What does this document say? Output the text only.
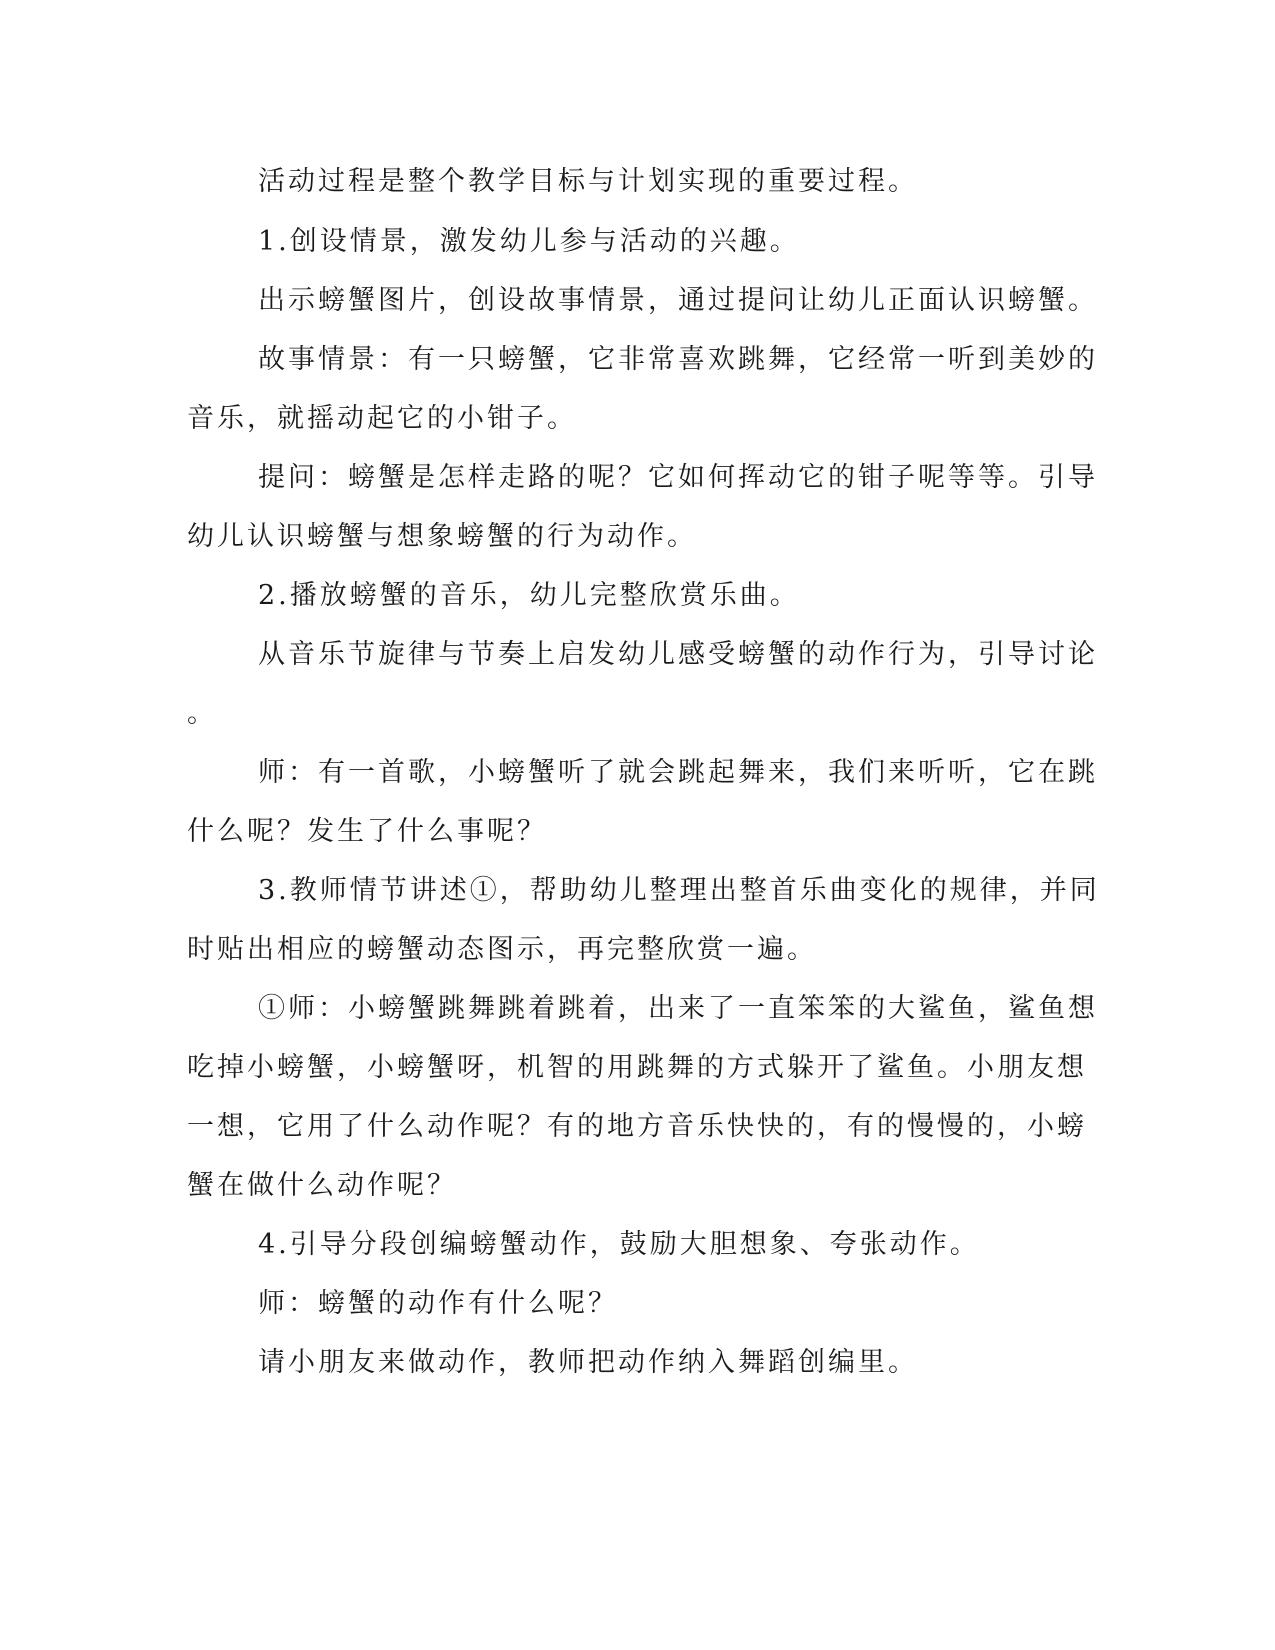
活动过程是整个教学目标与计划实现的重要过程。
1.创设情景，激发幼儿参与活动的兴趣。
出示螃蟹图片，创设故事情景，通过提问让幼儿正面认识螃蟹。
故事情景：有一只螃蟹，它非常喜欢跳舞，它经常一听到美妙的
音乐，就摇动起它的小钳子。
提问：螃蟹是怎样走路的呢？它如何挥动它的钳子呢等等。引导
幼儿认识螃蟹与想象螃蟹的行为动作。
2.播放螃蟹的音乐，幼儿完整欣赏乐曲。
从音乐节旋律与节奏上启发幼儿感受螃蟹的动作行为，引导讨论
。
师：有一首歌，小螃蟹听了就会跳起舞来，我们来听听，它在跳
什么呢？发生了什么事呢？
3.教师情节讲述①，帮助幼儿整理出整首乐曲变化的规律，并同
时贴出相应的螃蟹动态图示，再完整欣赏一遍。
①师：小螃蟹跳舞跳着跳着，出来了一直笨笨的大鲨鱼，鲨鱼想
吃掉小螃蟹，小螃蟹呀，机智的用跳舞的方式躲开了鲨鱼。小朋友想
一想，它用了什么动作呢？有的地方音乐快快的，有的慢慢的，小螃
蟹在做什么动作呢？
4.引导分段创编螃蟹动作，鼓励大胆想象、夸张动作。
师：螃蟹的动作有什么呢？
请小朋友来做动作，教师把动作纳入舞蹈创编里。
